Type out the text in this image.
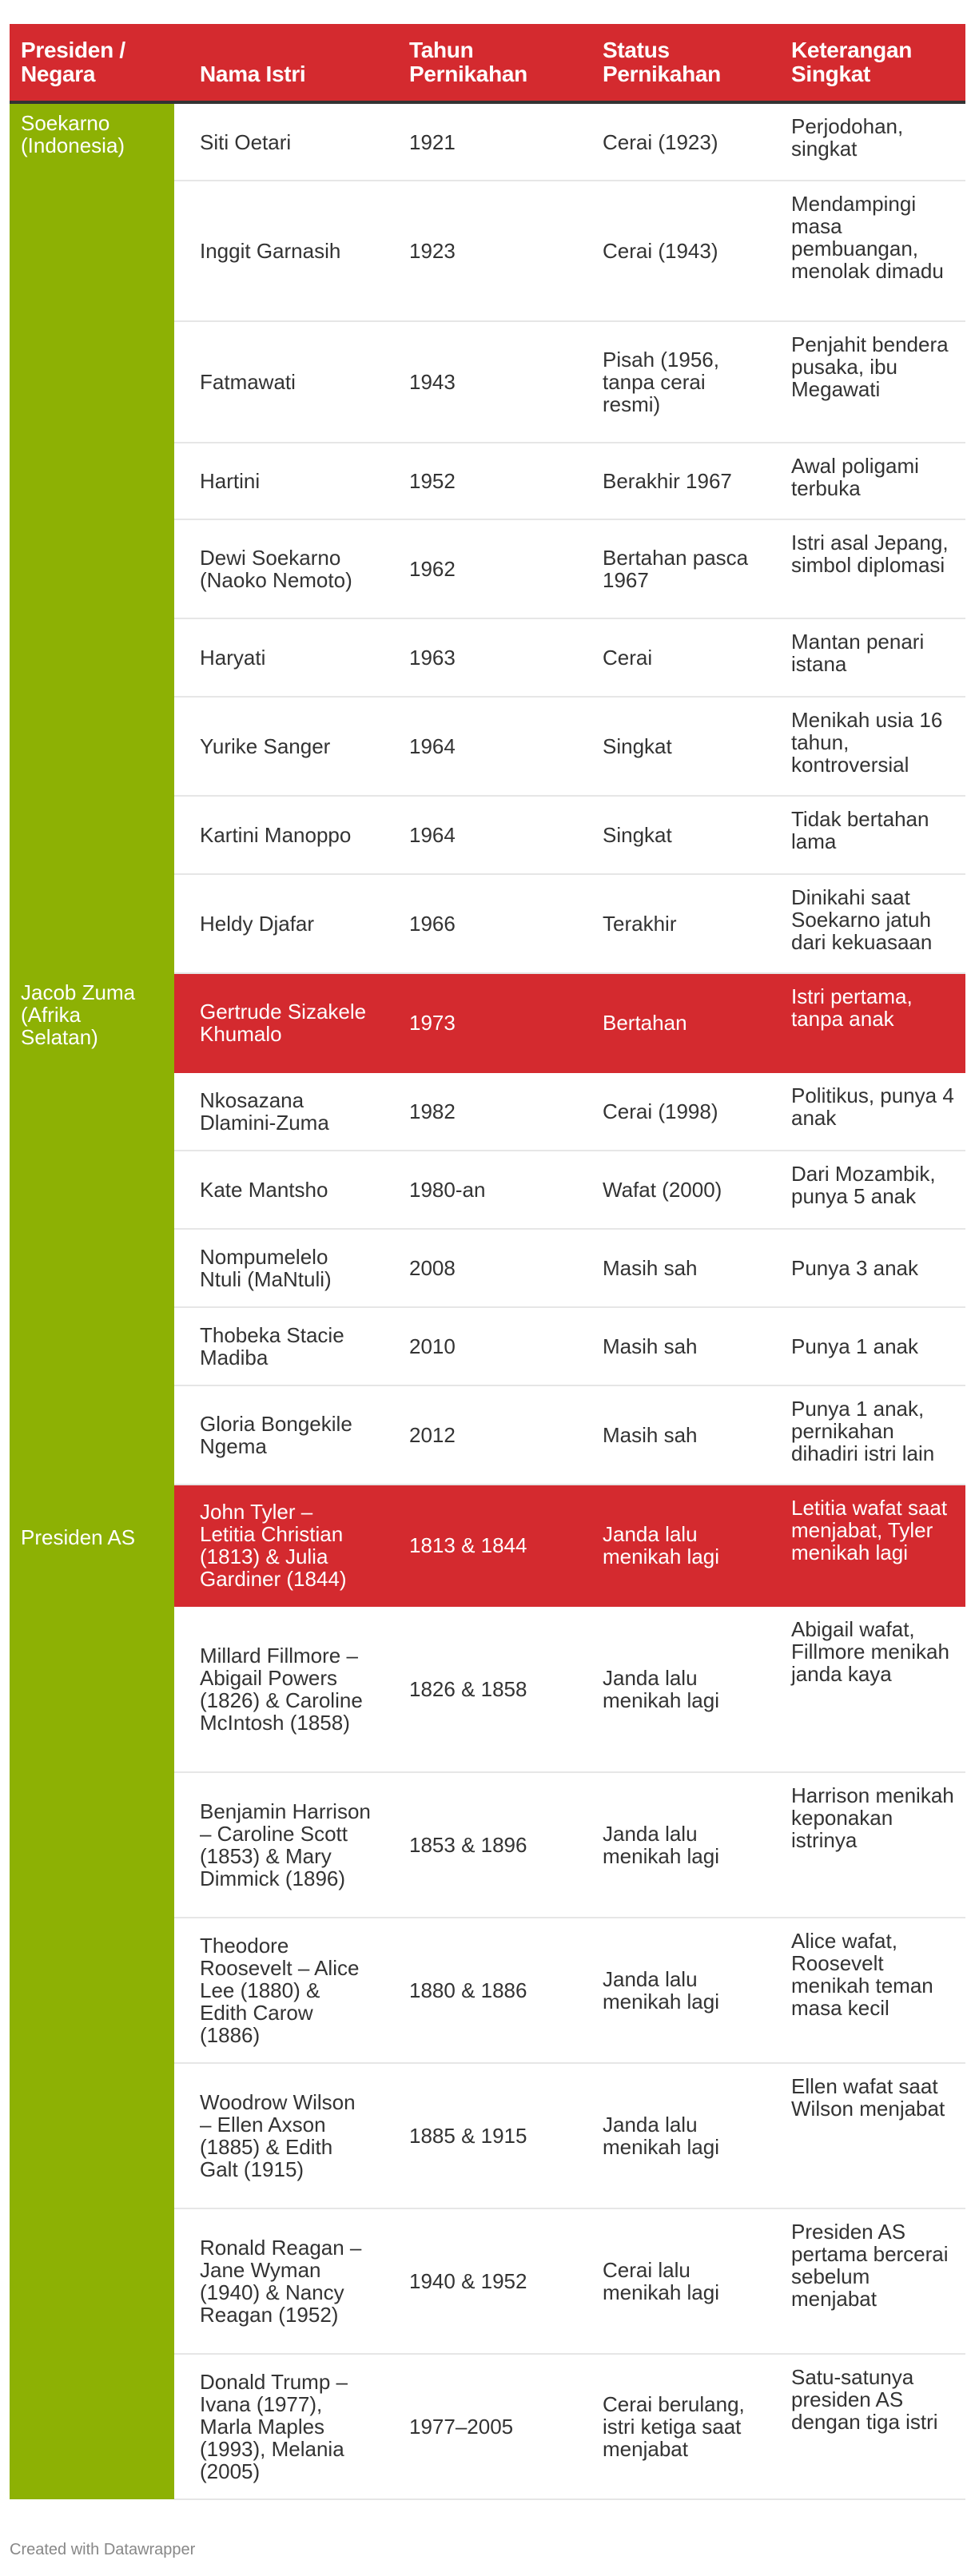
Presiden / Negara	Nama Istri	Tahun Pernikahan	Status Pernikahan	Keterangan Singkat
Soekarno (Indonesia)	Siti Oetari	1921	Cerai (1923)	Perjodohan, singkat
	Inggit Garnasih	1923	Cerai (1943)	Mendampingi masa pembuangan, menolak dimadu
	Fatmawati	1943	Pisah (1956, tanpa cerai resmi)	Penjahit bendera pusaka, ibu Megawati
	Hartini	1952	Berakhir 1967	Awal poligami terbuka
	Dewi Soekarno (Naoko Nemoto)	1962	Bertahan pasca 1967	Istri asal Jepang, simbol diplomasi
	Haryati	1963	Cerai	Mantan penari istana
	Yurike Sanger	1964	Singkat	Menikah usia 16 tahun, kontroversial
	Kartini Manoppo	1964	Singkat	Tidak bertahan lama
	Heldy Djafar	1966	Terakhir	Dinikahi saat Soekarno jatuh dari kekuasaan
Jacob Zuma (Afrika Selatan)	Gertrude Sizakele Khumalo	1973	Bertahan	Istri pertama, tanpa anak
	Nkosazana Dlamini-Zuma	1982	Cerai (1998)	Politikus, punya 4 anak
	Kate Mantsho	1980-an	Wafat (2000)	Dari Mozambik, punya 5 anak
	Nompumelelo Ntuli (MaNtuli)	2008	Masih sah	Punya 3 anak
	Thobeka Stacie Madiba	2010	Masih sah	Punya 1 anak
	Gloria Bongekile Ngema	2012	Masih sah	Punya 1 anak, pernikahan dihadiri istri lain
Presiden AS	John Tyler – Letitia Christian (1813) & Julia Gardiner (1844)	1813 & 1844	Janda lalu menikah lagi	Letitia wafat saat menjabat, Tyler menikah lagi
	Millard Fillmore – Abigail Powers (1826) & Caroline McIntosh (1858)	1826 & 1858	Janda lalu menikah lagi	Abigail wafat, Fillmore menikah janda kaya
	Benjamin Harrison – Caroline Scott (1853) & Mary Dimmick (1896)	1853 & 1896	Janda lalu menikah lagi	Harrison menikah keponakan istrinya
	Theodore Roosevelt – Alice Lee (1880) & Edith Carow (1886)	1880 & 1886	Janda lalu menikah lagi	Alice wafat, Roosevelt menikah teman masa kecil
	Woodrow Wilson – Ellen Axson (1885) & Edith Galt (1915)	1885 & 1915	Janda lalu menikah lagi	Ellen wafat saat Wilson menjabat
	Ronald Reagan – Jane Wyman (1940) & Nancy Reagan (1952)	1940 & 1952	Cerai lalu menikah lagi	Presiden AS pertama bercerai sebelum menjabat
	Donald Trump – Ivana (1977), Marla Maples (1993), Melania (2005)	1977–2005	Cerai berulang, istri ketiga saat menjabat	Satu-satunya presiden AS dengan tiga istri
Created with Datawrapper
